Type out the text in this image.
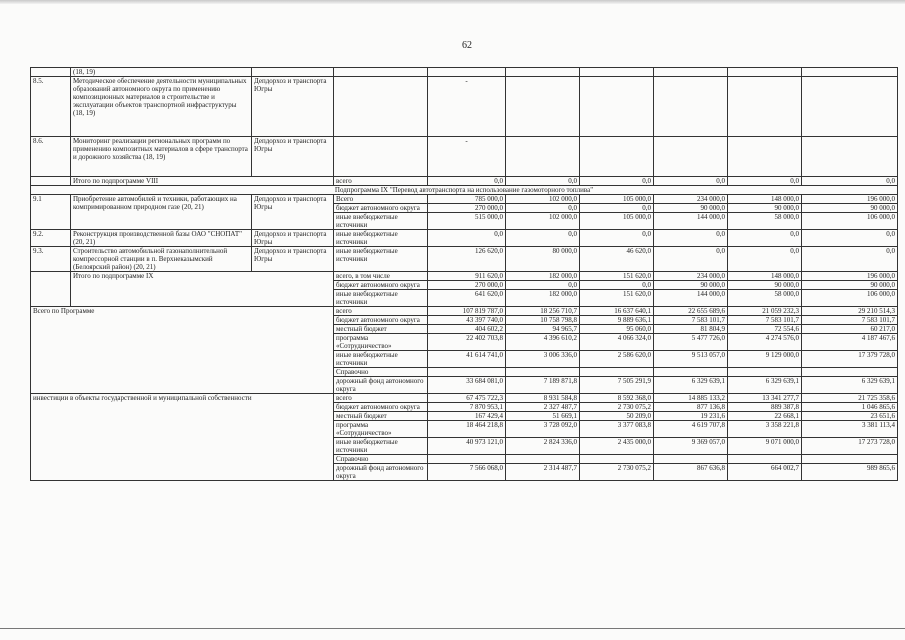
62
	(18, 19)								
8.5.	Методическое обеспечение деятельности муниципальных образований автономного округа по применению композиционных материалов в строительстве и эксплуатации объектов транспортной инфраструктуры (18, 19)	Депдорхоз и транспорта Югры		-					
8.6.	Мониторинг реализации региональных программ по применению композитных материалов в сфере транспорта и дорожного хозяйства (18, 19)	Депдорхоз и транспорта Югры		-					
	Итого по подпрограмме VIII		всего	0,0	0,0	0,0	0,0	0,0	0,0
Подпрограмма IX "Перевод автотранспорта на использование газомоторного топлива"									
9.1	Приобретение автомобилей и техники, работающих на компримированном природном газе (20, 21)	Депдорхоз и транспорта Югры	Всего	785 000,0	102 000,0	105 000,0	234 000,0	148 000,0	196 000,0
			бюджет автономного округа	270 000,0	0,0	0,0	90 000,0	90 000,0	90 000,0
			иные внебюджетные источники	515 000,0	102 000,0	105 000,0	144 000,0	58 000,0	106 000,0
9.2.	Реконструкция производственной базы ОАО "СНОПАТ" (20, 21)	Депдорхоз и транспорта Югры	иные внебюджетные источники	0,0	0,0	0,0	0,0	0,0	0,0
9.3.	Строительство автомобильной газонаполнительной компрессорной станции в п. Верхнеказымский (Белоярский район) (20, 21)	Депдорхоз и транспорта Югры	иные внебюджетные источники	126 620,0	80 000,0	46 620,0	0,0	0,0	0,0
	Итого по подпрограмме IX		всего, в том числе	911 620,0	182 000,0	151 620,0	234 000,0	148 000,0	196 000,0
			бюджет автономного округа	270 000,0	0,0	0,0	90 000,0	90 000,0	90 000,0
			иные внебюджетные источники	641 620,0	182 000,0	151 620,0	144 000,0	58 000,0	106 000,0
Всего по Программе			всего	107 819 787,0	18 256 710,7	16 637 640,1	22 655 689,6	21 059 232,3	29 210 514,3
			бюджет автономного округа	43 397 740,0	10 758 798,8	9 889 636,1	7 583 101,7	7 583 101,7	7 583 101,7
			местный бюджет	404 602,2	94 965,7	95 060,0	81 804,9	72 554,6	60 217,0
			программа «Сотрудничество»	22 402 703,8	4 396 610,2	4 066 324,0	5 477 726,0	4 274 576,0	4 187 467,6
			иные внебюджетные источники	41 614 741,0	3 006 336,0	2 586 620,0	9 513 057,0	9 129 000,0	17 379 728,0
			Справочно						
			дорожный фонд автономного округа	33 684 081,0	7 189 871,8	7 505 291,9	6 329 639,1	6 329 639,1	6 329 639,1
инвестиции в объекты государственной и муниципальной собственности			всего	67 475 722,3	8 931 584,8	8 592 368,0	14 885 133,2	13 341 277,7	21 725 358,6
			бюджет автономного округа	7 870 953,1	2 327 487,7	2 730 075,2	877 136,8	889 387,8	1 046 865,6
			местный бюджет	167 429,4	51 669,1	50 209,0	19 231,6	22 668,1	23 651,6
			программа «Сотрудничество»	18 464 218,8	3 728 092,0	3 377 083,8	4 619 707,8	3 358 221,8	3 381 113,4
			иные внебюджетные источники	40 973 121,0	2 824 336,0	2 435 000,0	9 369 057,0	9 071 000,0	17 273 728,0
			Справочно						
			дорожный фонд автономного округа	7 566 068,0	2 314 487,7	2 730 075,2	867 636,8	664 002,7	989 865,6
